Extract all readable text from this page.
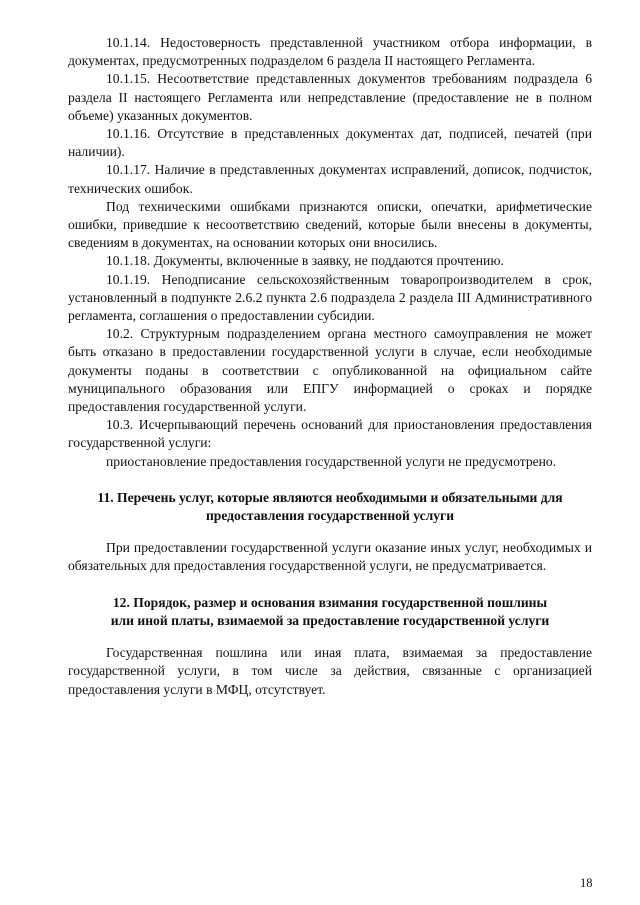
10.1.14. Недостоверность представленной участником отбора информации, в документах, предусмотренных подразделом 6 раздела II настоящего Регламента.

10.1.15. Несоответствие представленных документов требованиям подраздела 6 раздела II настоящего Регламента или непредставление (предоставление не в полном объеме) указанных документов.

10.1.16. Отсутствие в представленных документах дат, подписей, печатей (при наличии).

10.1.17. Наличие в представленных документах исправлений, дописок, подчисток, технических ошибок.

Под техническими ошибками признаются описки, опечатки, арифметические ошибки, приведшие к несоответствию сведений, которые были внесены в документы, сведениям в документах, на основании которых они вносились.

10.1.18. Документы, включенные в заявку, не поддаются прочтению.

10.1.19. Неподписание сельскохозяйственным товаропроизводителем в срок, установленный в подпункте 2.6.2 пункта 2.6 подраздела 2 раздела III Административного регламента, соглашения о предоставлении субсидии.

10.2. Структурным подразделением органа местного самоуправления не может быть отказано в предоставлении государственной услуги в случае, если необходимые документы поданы в соответствии с опубликованной на официальном сайте муниципального образования или ЕПГУ информацией о сроках и порядке предоставления государственной услуги.

10.3. Исчерпывающий перечень оснований для приостановления предоставления государственной услуги:

приостановление предоставления государственной услуги не предусмотрено.

11. Перечень услуг, которые являются необходимыми и обязательными для

предоставления государственной услуги

При предоставлении государственной услуги оказание иных услуг, необходимых и обязательных для предоставления государственной услуги, не предусматривается.

12. Порядок, размер и основания взимания государственной пошлины

или иной платы, взимаемой за предоставление государственной услуги

Государственная пошлина или иная плата, взимаемая за предоставление государственной услуги, в том числе за действия, связанные с организацией предоставления услуги в МФЦ, отсутствует.

18
